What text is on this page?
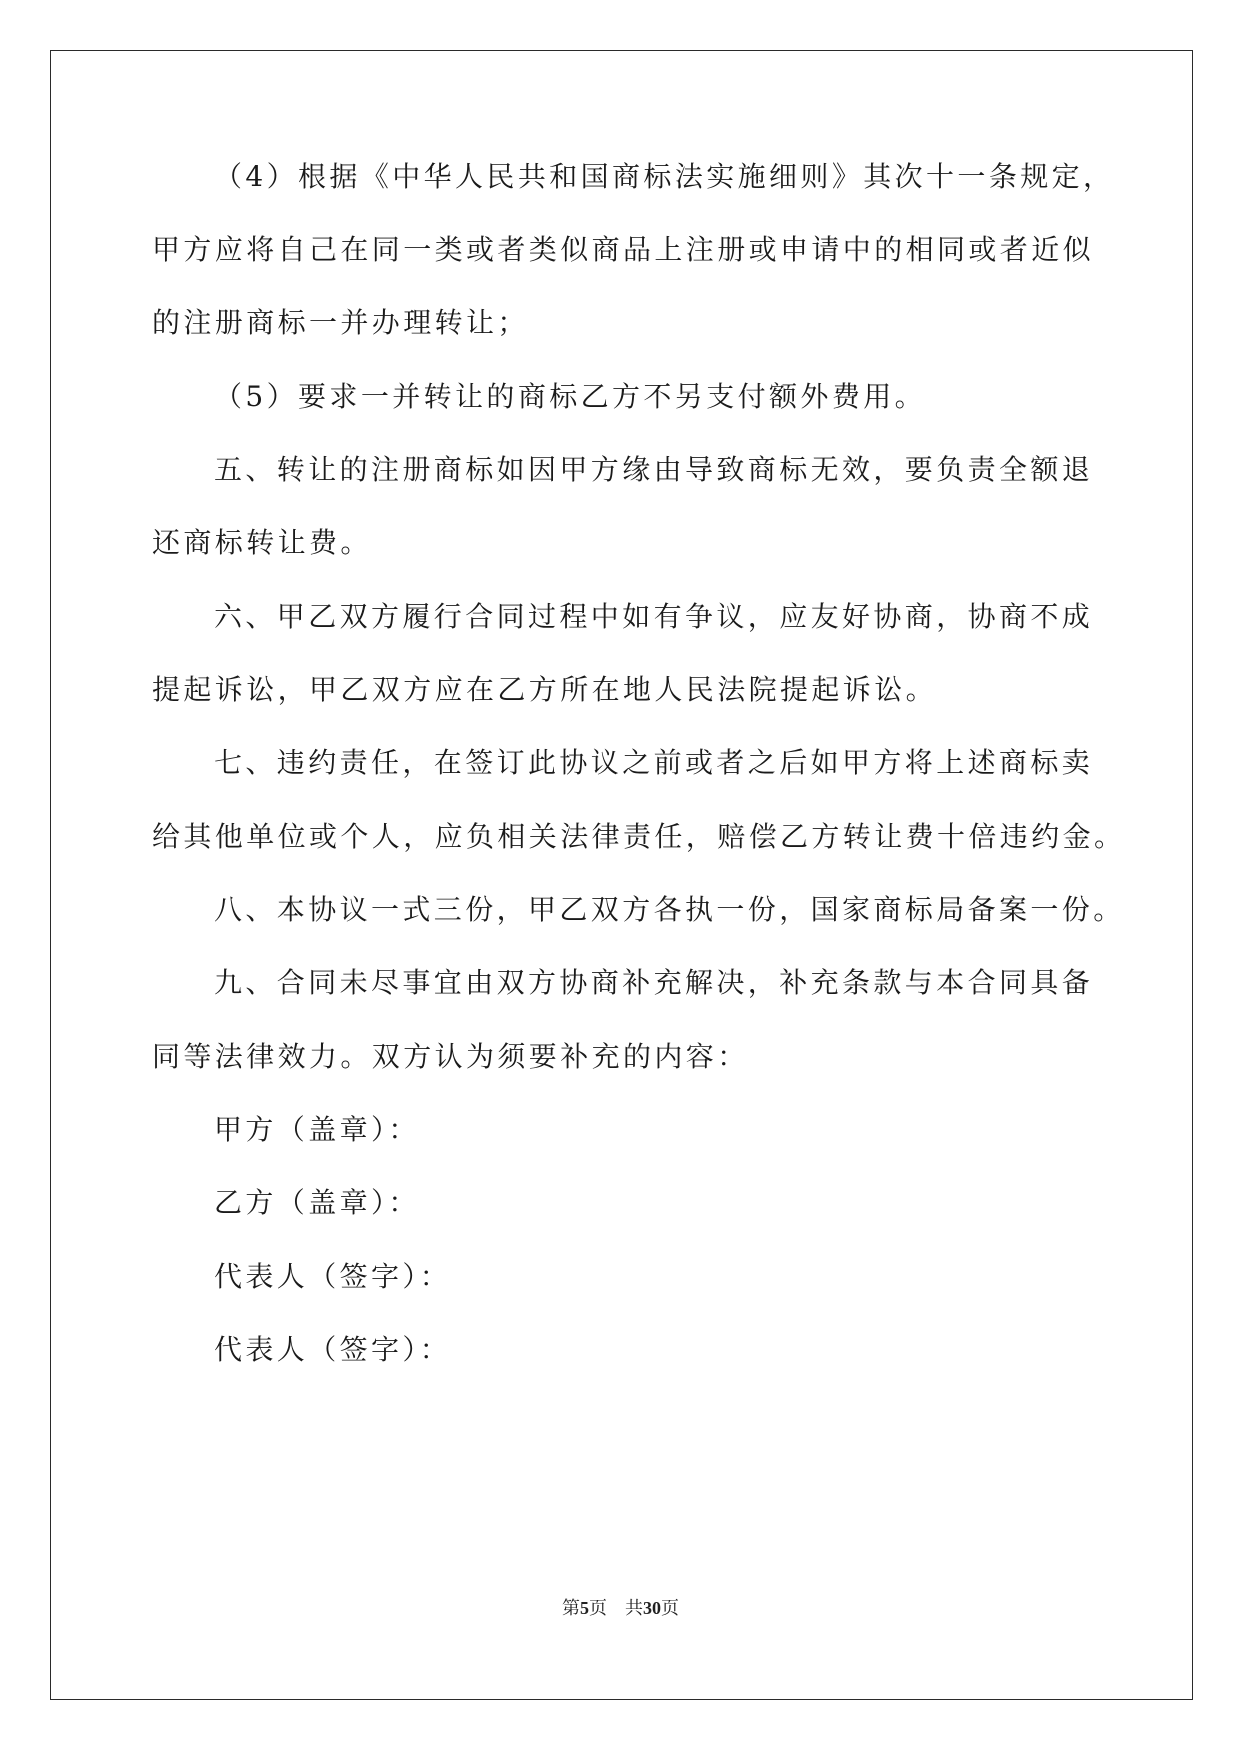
（4）根据《中华人民共和国商标法实施细则》其次十一条规定，
甲方应将自己在同一类或者类似商品上注册或申请中的相同或者近似
的注册商标一并办理转让；
（5）要求一并转让的商标乙方不另支付额外费用。
五、转让的注册商标如因甲方缘由导致商标无效，要负责全额退
还商标转让费。
六、甲乙双方履行合同过程中如有争议，应友好协商，协商不成
提起诉讼，甲乙双方应在乙方所在地人民法院提起诉讼。
七、违约责任，在签订此协议之前或者之后如甲方将上述商标卖
给其他单位或个人，应负相关法律责任，赔偿乙方转让费十倍违约金。
八、本协议一式三份，甲乙双方各执一份，国家商标局备案一份。
九、合同未尽事宜由双方协商补充解决，补充条款与本合同具备
同等法律效力。双方认为须要补充的内容：
甲方（盖章）：
乙方（盖章）：
代表人（签字）：
代表人（签字）：
第5页 共30页
